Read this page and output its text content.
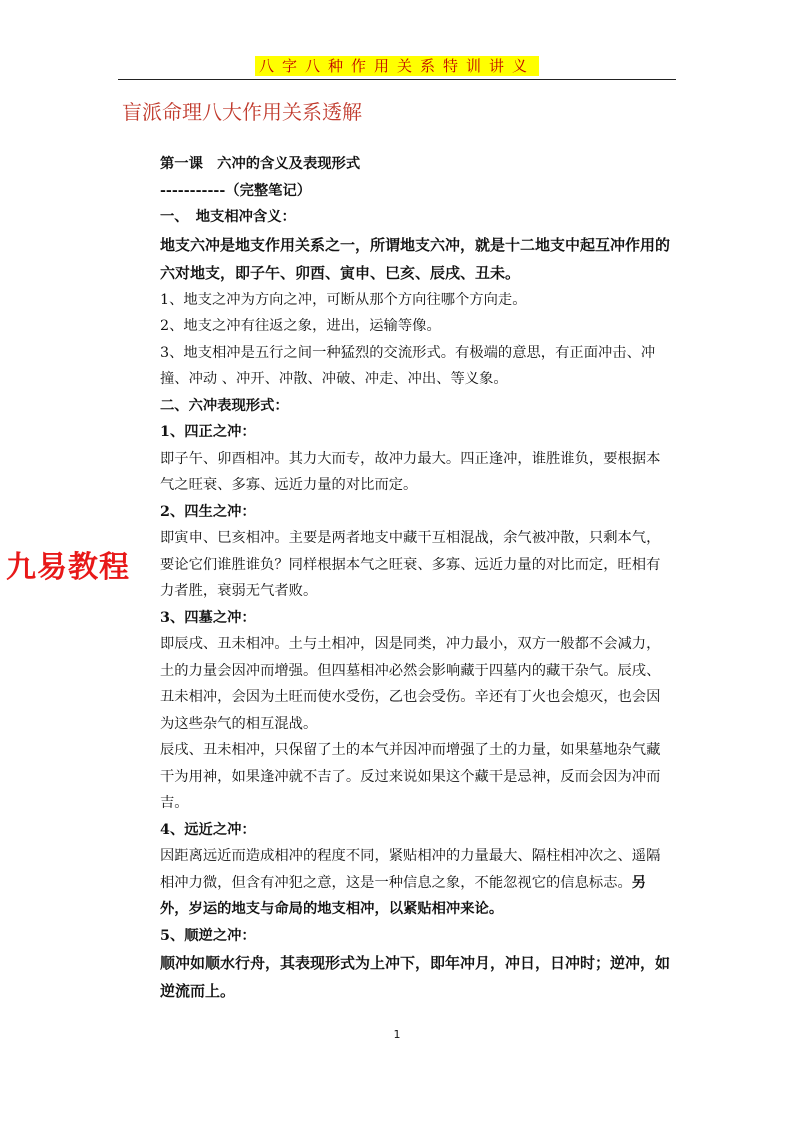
八字八种作用关系特训讲义
盲派命理八大作用关系透解

第一课　六冲的含义及表现形式

-----------（完整笔记）

一、　地支相冲含义：

地支六冲是地支作用关系之一，所谓地支六冲，就是十二地支中起互冲作用的六对地支，即子午、卯酉、寅申、巳亥、辰戌、丑未。

1、地支之冲为方向之冲，可断从那个方向往哪个方向走。

2、地支之冲有往返之象，进出，运输等像。

3、地支相冲是五行之间一种猛烈的交流形式。有极端的意思，有正面冲击、冲撞、冲动 、冲开、冲散、冲破、冲走、冲出、等义象。

二、六冲表现形式：

1、四正之冲：

即子午、卯酉相冲。其力大而专，故冲力最大。四正逢冲，谁胜谁负，要根据本气之旺衰、多寡、远近力量的对比而定。

2、四生之冲：

即寅申、巳亥相冲。主要是两者地支中藏干互相混战，余气被冲散，只剩本气，要论它们谁胜谁负？同样根据本气之旺衰、多寡、远近力量的对比而定，旺相有力者胜，衰弱无气者败。

3、四墓之冲：

即辰戌、丑未相冲。土与土相冲，因是同类，冲力最小，双方一般都不会减力，土的力量会因冲而增强。但四墓相冲必然会影响藏于四墓内的藏干杂气。辰戌、丑未相冲，会因为土旺而使水受伤，乙也会受伤。辛还有丁火也会熄灭，也会因为这些杂气的相互混战。

辰戌、丑未相冲，只保留了土的本气并因冲而增强了土的力量，如果墓地杂气藏干为用神，如果逢冲就不吉了。反过来说如果这个藏干是忌神，反而会因为冲而吉。

4、远近之冲：

因距离远近而造成相冲的程度不同，紧贴相冲的力量最大、隔柱相冲次之、遥隔相冲力微，但含有冲犯之意，这是一种信息之象，不能忽视它的信息标志。另外，岁运的地支与命局的地支相冲，以紧贴相冲来论。

5、顺逆之冲：

顺冲如顺水行舟，其表现形式为上冲下，即年冲月，冲日，日冲时；逆冲，如逆流而上。

九易教程
1
